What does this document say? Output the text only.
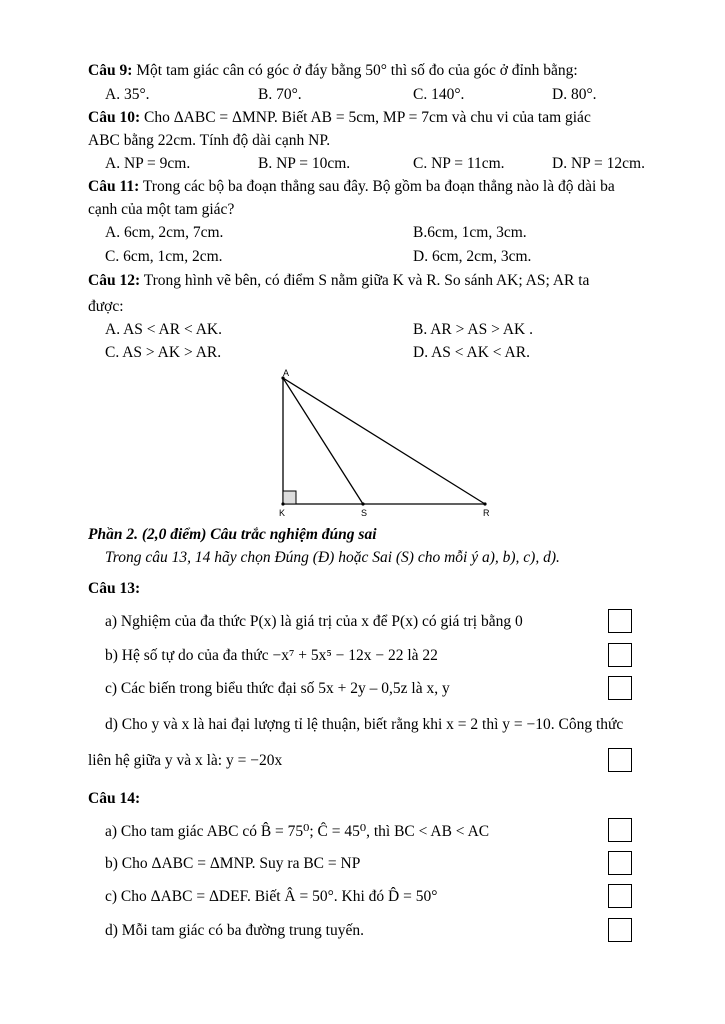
Câu 9: Một tam giác cân có góc ở đáy bằng 50° thì số đo của góc ở đỉnh bằng:
A. 35°.	B. 70°.	C. 140°.	D. 80°.
Câu 10: Cho ΔABC = ΔMNP. Biết AB = 5cm, MP = 7cm và chu vi của tam giác
ABC bằng 22cm. Tính độ dài cạnh NP.
A. NP = 9cm.	B. NP = 10cm.	C. NP = 11cm.	D. NP = 12cm.
Câu 11: Trong các bộ ba đoạn thẳng sau đây. Bộ gồm ba đoạn thẳng nào là độ dài ba
cạnh của một tam giác?
A. 6cm, 2cm, 7cm.	B.6cm, 1cm, 3cm.
C. 6cm, 1cm, 2cm.	D. 6cm, 2cm, 3cm.
Câu 12: Trong hình vẽ bên, có điểm S nằm giữa K và R. So sánh AK; AS; AR ta
được:
A. AS < AR < AK.	B. AR > AS > AK .
C. AS > AK > AR.	D. AS < AK < AR.
A
K	S	R
Phần 2. (2,0 điểm) Câu trắc nghiệm đúng sai
Trong câu 13, 14 hãy chọn Đúng (Đ) hoặc Sai (S) cho mỗi ý a), b), c), d).
Câu 13:
a) Nghiệm của đa thức P(x) là giá trị của x để P(x) có giá trị bằng 0
b) Hệ số tự do của đa thức −x⁷ + 5x⁵ − 12x − 22 là 22
c) Các biến trong biểu thức đại số 5x + 2y – 0,5z là x, y
d) Cho y và x là hai đại lượng tỉ lệ thuận, biết rằng khi x = 2 thì y = −10. Công thức
liên hệ giữa y và x là: y = −20x
Câu 14:
a) Cho tam giác ABC có B̂ = 75⁰; Ĉ = 45⁰, thì BC < AB < AC
b) Cho ΔABC = ΔMNP. Suy ra BC = NP
c) Cho ΔABC = ΔDEF. Biết Â = 50°. Khi đó D̂ = 50°
d) Mỗi tam giác có ba đường trung tuyến.
